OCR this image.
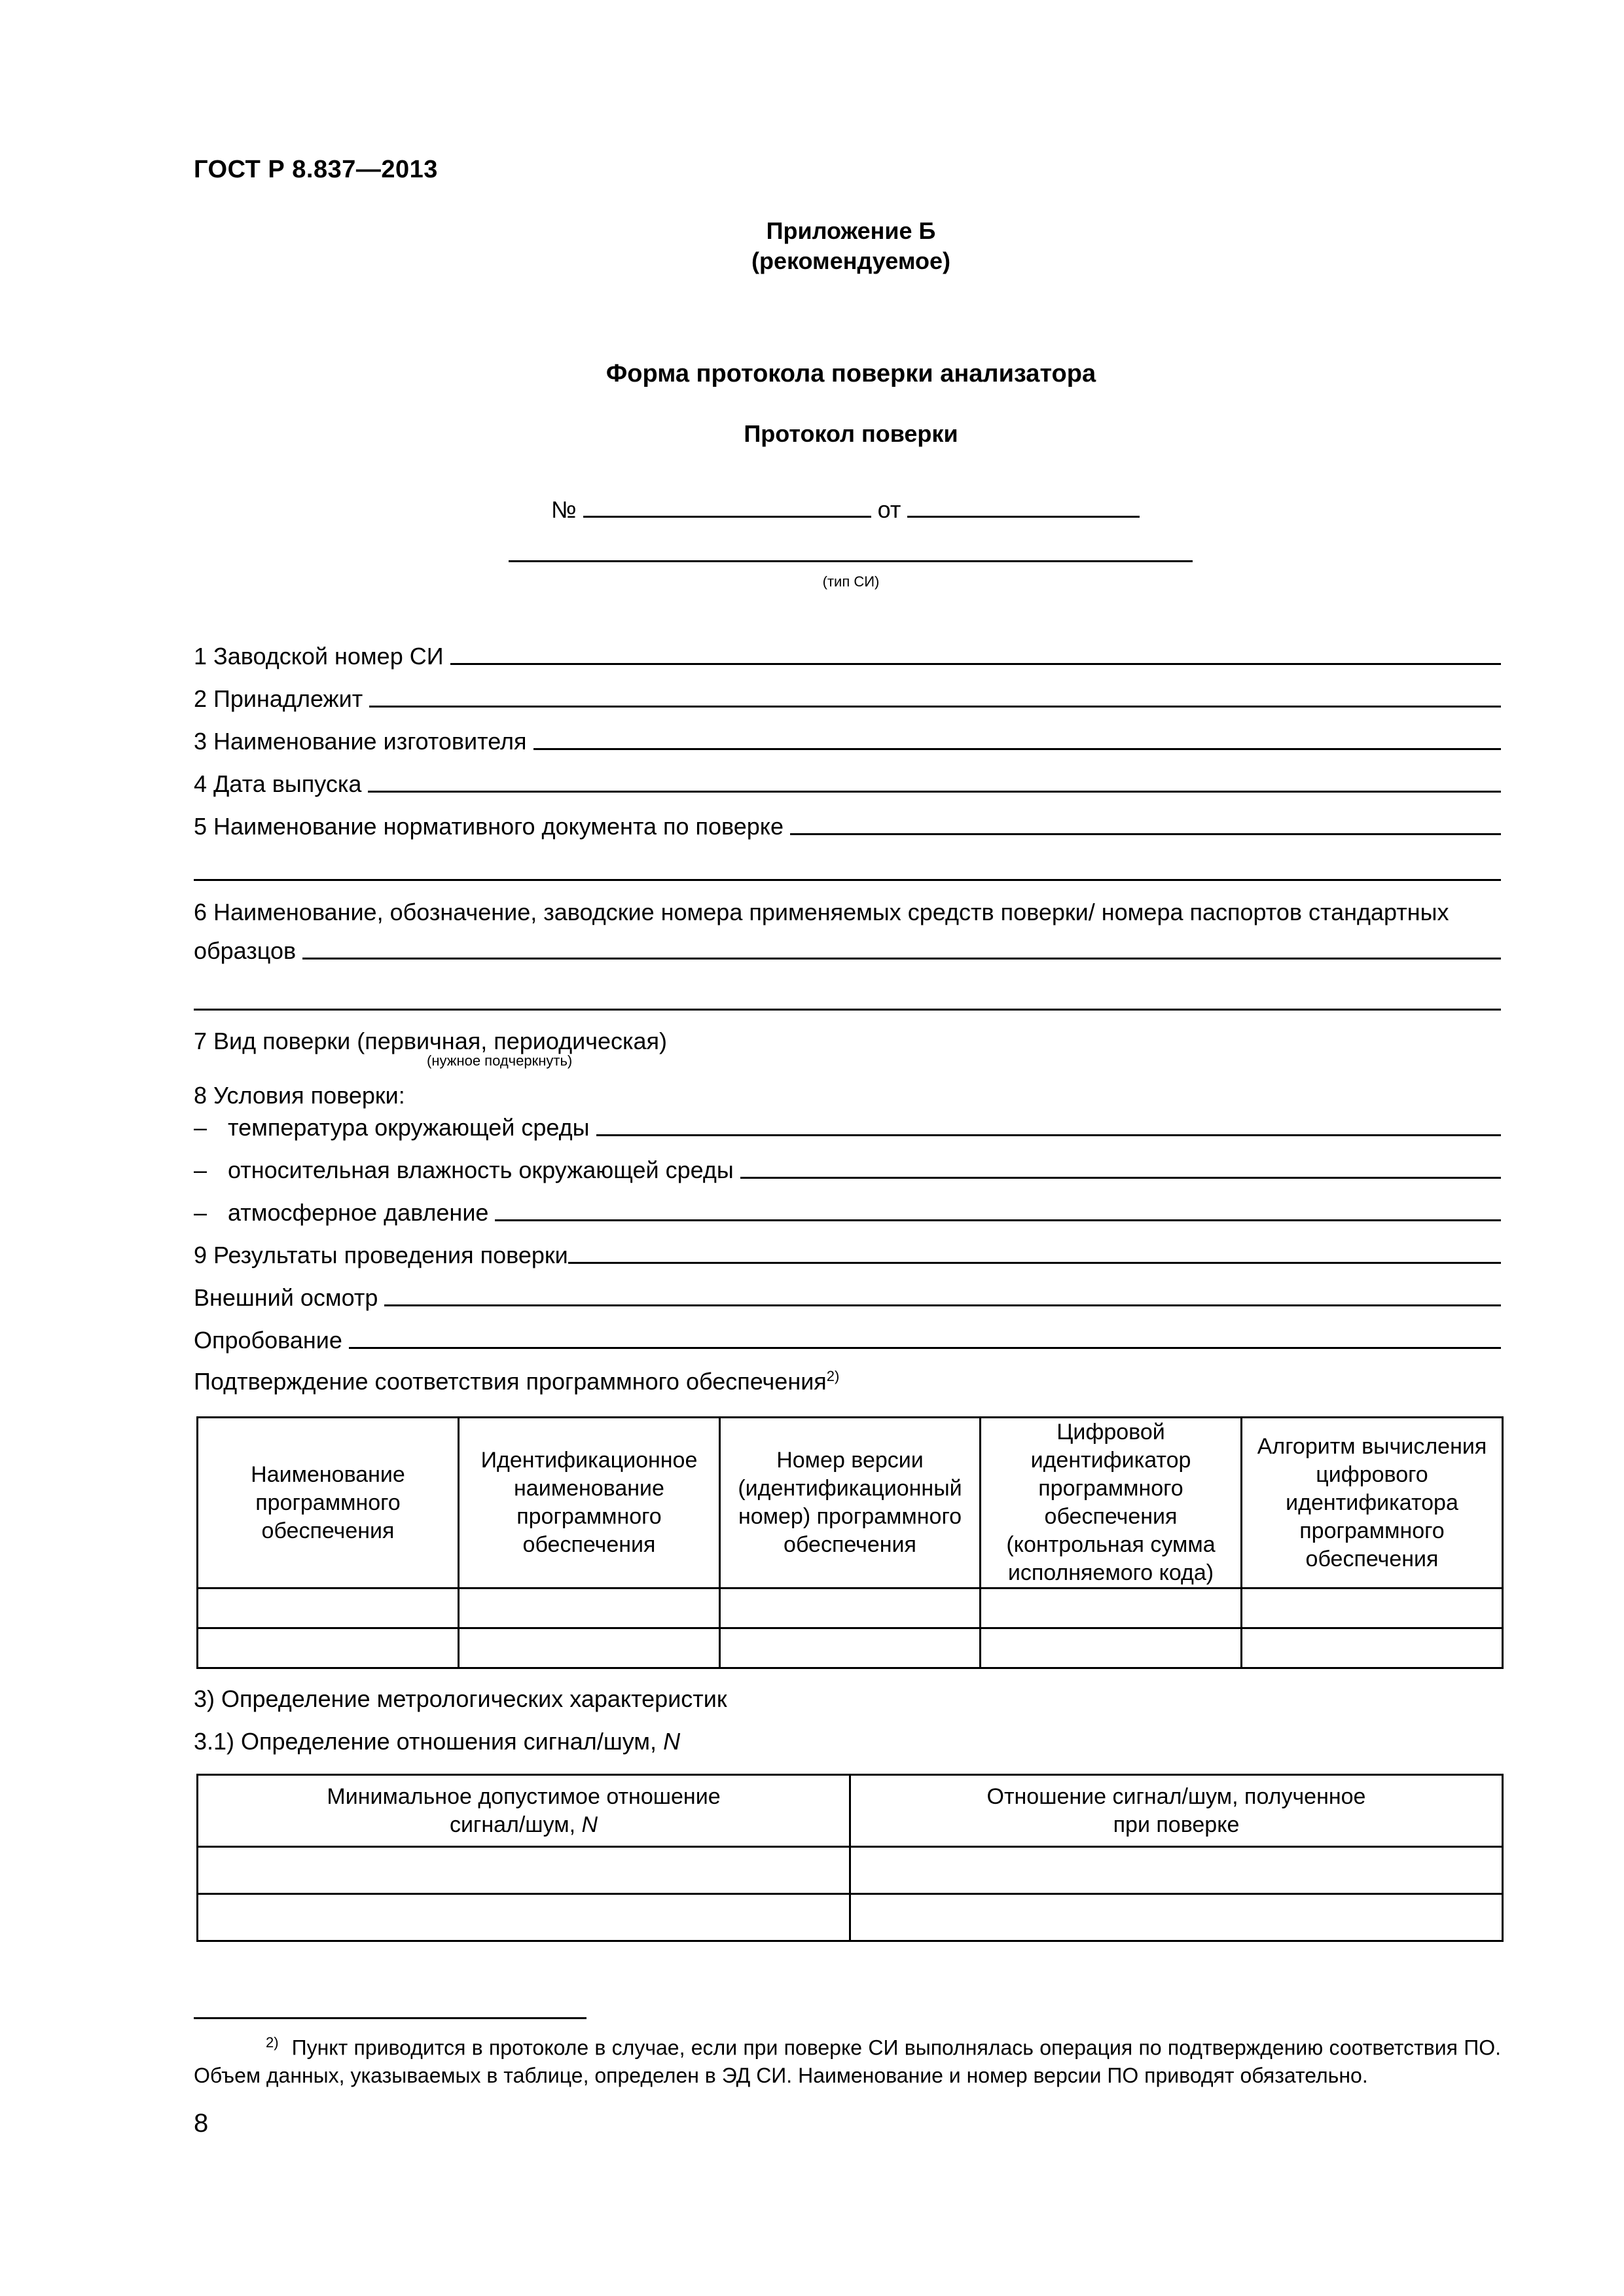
ГОСТ Р 8.837—2013
Приложение Б
(рекомендуемое)
Форма протокола поверки анализатора
Протокол поверки
№	от
(тип СИ)
1 Заводской номер СИ
2 Принадлежит
3 Наименование изготовителя
4 Дата выпуска
5 Наименование нормативного документа по поверке
6 Наименование, обозначение, заводские номера применяемых средств поверки/ номера паспортов стандартных
образцов
7 Вид поверки (первичная, периодическая)
(нужное подчеркнуть)
8 Условия поверки:
– температура окружающей среды
– относительная влажность окружающей среды
– атмосферное давление
9 Результаты проведения поверки
Внешний осмотр
Опробование
Подтверждение соответствия программного обеспечения$^{2)}$
Наименование программного обеспечения	Идентификационное наименование программного обеспечения	Номер версии (идентификационный номер) программного обеспечения	Цифровой идентификатор программного обеспечения (контрольная сумма исполняемого кода)	Алгоритм вычисления цифрового идентификатора программного обеспечения

3) Определение метрологических характеристик
3.1) Определение отношения сигнал/шум, N
Минимальное допустимое отношение
сигнал/шум, N	Отношение сигнал/шум, полученное
при поверке

$^{2)}$ Пункт приводится в протоколе в случае, если при поверке СИ выполнялась операция по подтверждению соответствия ПО. Объем данных, указываемых в таблице, определен в ЭД СИ. Наименование и номер версии ПО приводят обязательно.
8
